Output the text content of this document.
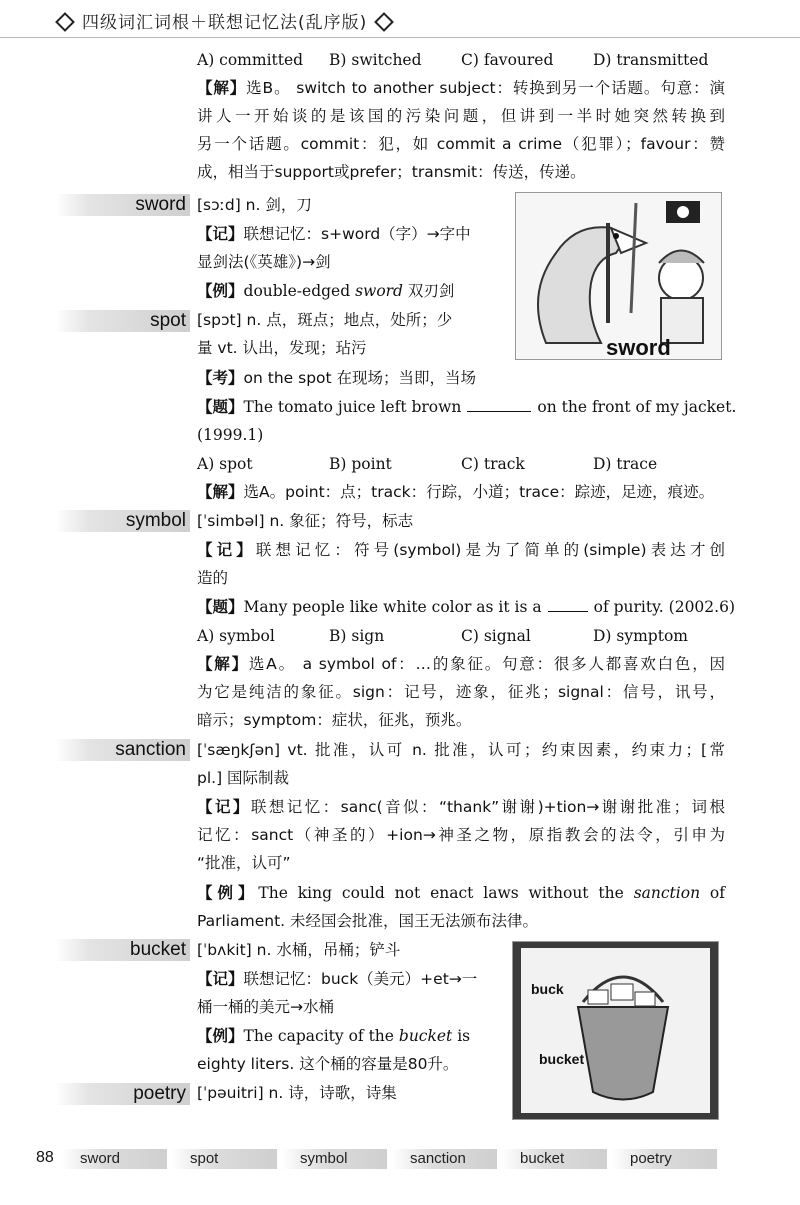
四级词汇词根＋联想记忆法(乱序版)
sword
spot
symbol
sanction
bucket
poetry
sword
buck
bucket
A) committed B) switched	C) favoured	D) transmitted
【解】选B。 switch to another subject：转换到另一个话题。句意：演
讲人一开始谈的是该国的污染问题，但讲到一半时她突然转换到
另一个话题。commit：犯，如 commit a crime（犯罪）；favour：赞
成，相当于support或prefer；transmit：传送，传递。
[sɔːd] n. 剑，刀
【记】联想记忆：s+word（字）→字中
显剑法(《英雄》)→剑
【例】double-edged sword 双刃剑
[spɔt] n. 点，斑点；地点，处所；少
量 vt. 认出，发现；玷污
【考】on the spot 在现场；当即，当场
【题】The tomato juice left brown	on the front of my jacket.
(1999.1)
A) spot	B) point	C) track	D) trace
【解】选A。point：点；track：行踪，小道；trace：踪迹，足迹，痕迹。
[ˈsimbəl] n. 象征；符号，标志
【记】联想记忆：符号(symbol)是为了简单的(simple)表达才创
造的
【题】Many people like white color as it is a	of purity. (2002.6)
A) symbol	B) sign	C) signal	D) symptom
【解】选A。 a symbol of：…的象征。句意：很多人都喜欢白色，因
为它是纯洁的象征。sign：记号，迹象，征兆；signal：信号，讯号，
暗示；symptom：症状，征兆，预兆。
[ˈsæŋkʃən] vt. 批准，认可 n. 批准，认可；约束因素，约束力；[常
pl.] 国际制裁
【记】联想记忆：sanc(音似：“thank”谢谢)+tion→谢谢批准；词根
记忆：sanct（神圣的）+ion→神圣之物，原指教会的法令，引申为
“批准，认可”
【例】The king could not enact laws without the sanction of
Parliament. 未经国会批准，国王无法颁布法律。
[ˈbʌkit] n. 水桶，吊桶；铲斗
【记】联想记忆：buck（美元）+et→一
桶一桶的美元→水桶
【例】The capacity of the bucket is
eighty liters. 这个桶的容量是80升。
[ˈpəuitri] n. 诗，诗歌，诗集
88 sword	spot	symbol	sanction	bucket	poetry
